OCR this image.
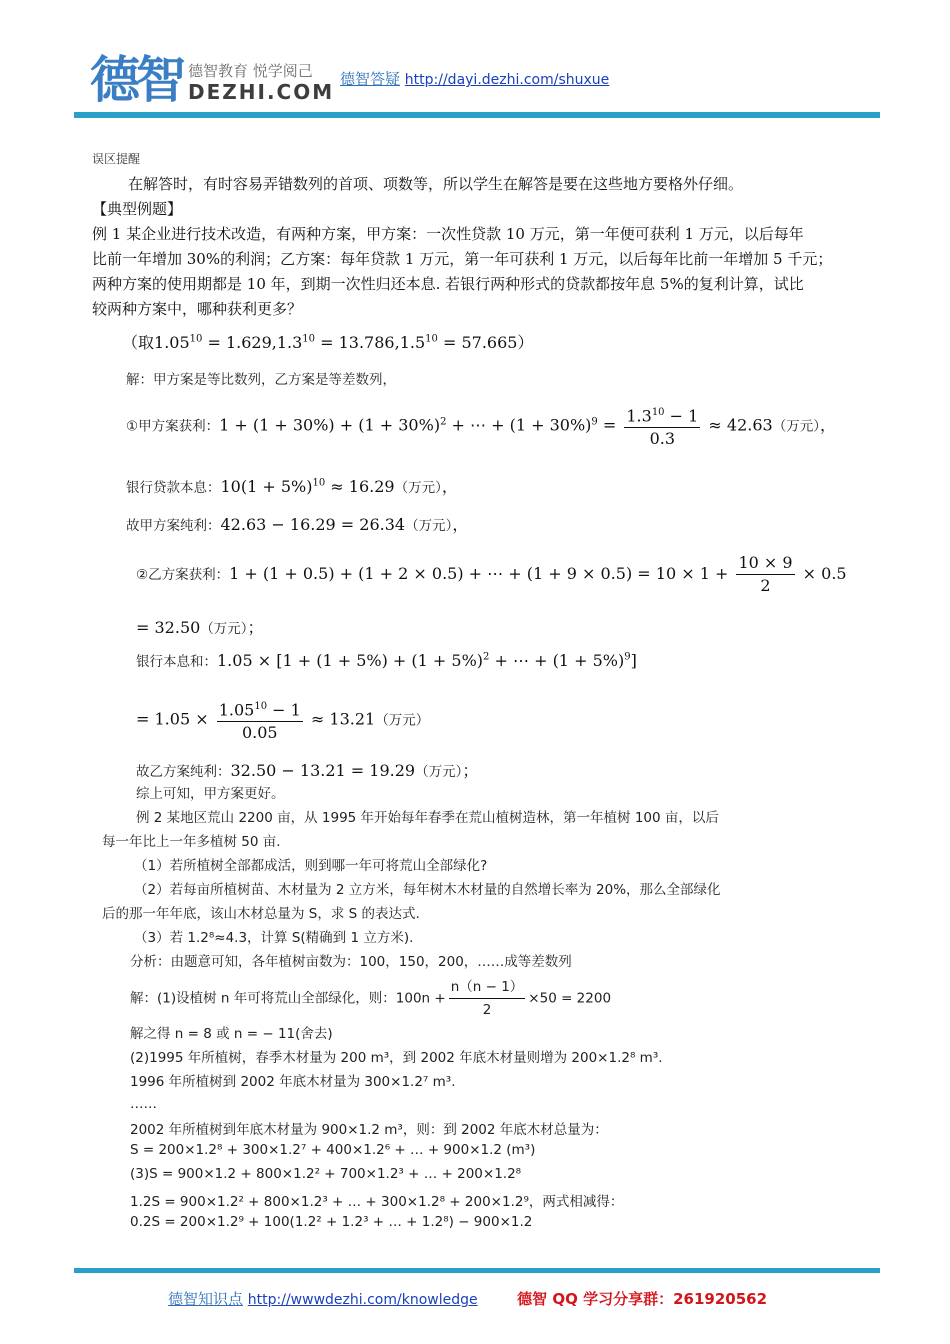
德智 德智教育 悦学阅己
DEZHI.COM
德智答疑 http://dayi.dezhi.com/shuxue
误区提醒
在解答时，有时容易弄错数列的首项、项数等，所以学生在解答是要在这些地方要格外仔细。
【典型例题】
例 1 某企业进行技术改造，有两种方案，甲方案：一次性贷款 10 万元，第一年便可获利 1 万元，以后每年
比前一年增加 30%的利润；乙方案：每年贷款 1 万元，第一年可获利 1 万元，以后每年比前一年增加 5 千元；
两种方案的使用期都是 10 年，到期一次性归还本息. 若银行两种形式的贷款都按年息 5%的复利计算，试比
较两种方案中，哪种获利更多？
（取$1.05^{10} = 1.629,1.3^{10} = 13.786,1.5^{10} = 57.665$）
解：甲方案是等比数列，乙方案是等差数列，
①甲方案获利：$1 + (1 + 30\%) + (1 + 30\%)^2$ + ⋯ + $(1 + 30\%)^9 = \frac{1.3^{10} - 1}{0.3} \approx 42.63$（万元），
银行贷款本息：$10(1 + 5\%)^{10} \approx 16.29$（万元），
故甲方案纯利：42.63 − 16.29 = 26.34（万元），
②乙方案获利：1 + (1 + 0.5) + (1 + 2 × 0.5) + ⋯ + $(1 + 9 \times 0.5) = 10 \times 1 + \frac{10 \times 9}{2} \times 0.5$
= 32.50（万元）；
银行本息和：$1.05 \times [1 + (1 + 5\%) + (1 + 5\%)^2$ + ⋯ + $(1 + 5\%)^9$]
= $1.05 \times \frac{1.05^{10} - 1}{0.05} \approx 13.21$（万元）
故乙方案纯利：32.50 − 13.21 = 19.29（万元）；
综上可知，甲方案更好。
例 2 某地区荒山 2200 亩，从 1995 年开始每年春季在荒山植树造林，第一年植树 100 亩，以后
每一年比上一年多植树 50 亩.
（1）若所植树全部都成活，则到哪一年可将荒山全部绿化?
（2）若每亩所植树苗、木材量为 2 立方米，每年树木木材量的自然增长率为 20%，那么全部绿化
后的那一年年底，该山木材总量为 S，求 S 的表达式.
（3）若 1.2⁸≈4.3，计算 S(精确到 1 立方米).
分析：由题意可知，各年植树亩数为：100，150，200，……成等差数列
解：(1)设植树 n 年可将荒山全部绿化，则：$100n + \frac{n(n - 1)}{2} \times 50 = 2200$
解之得 n = 8 或 n = − 11(舍去)
(2)1995 年所植树，春季木材量为 200 m³，到 2002 年底木材量则增为 200×1.2⁸ m³.
1996 年所植树到 2002 年底木材量为 300×1.2⁷ m³.
……
2002 年所植树到年底木材量为 900×1.2 m³，则：到 2002 年底木材总量为：
S = 200×1.2⁸ + 300×1.2⁷ + 400×1.2⁶ + … + 900×1.2 (m³)
(3)S = 900×1.2 + 800×1.2² + 700×1.2³ + … + 200×1.2⁸
1.2S = 900×1.2² + 800×1.2³ + … + 300×1.2⁸ + 200×1.2⁹，两式相减得：
0.2S = 200×1.2⁹ + 100(1.2² + 1.2³ + … + 1.2⁸) − 900×1.2
德智知识点 http://wwwdezhi.com/knowledge	德智 QQ 学习分享群：261920562
